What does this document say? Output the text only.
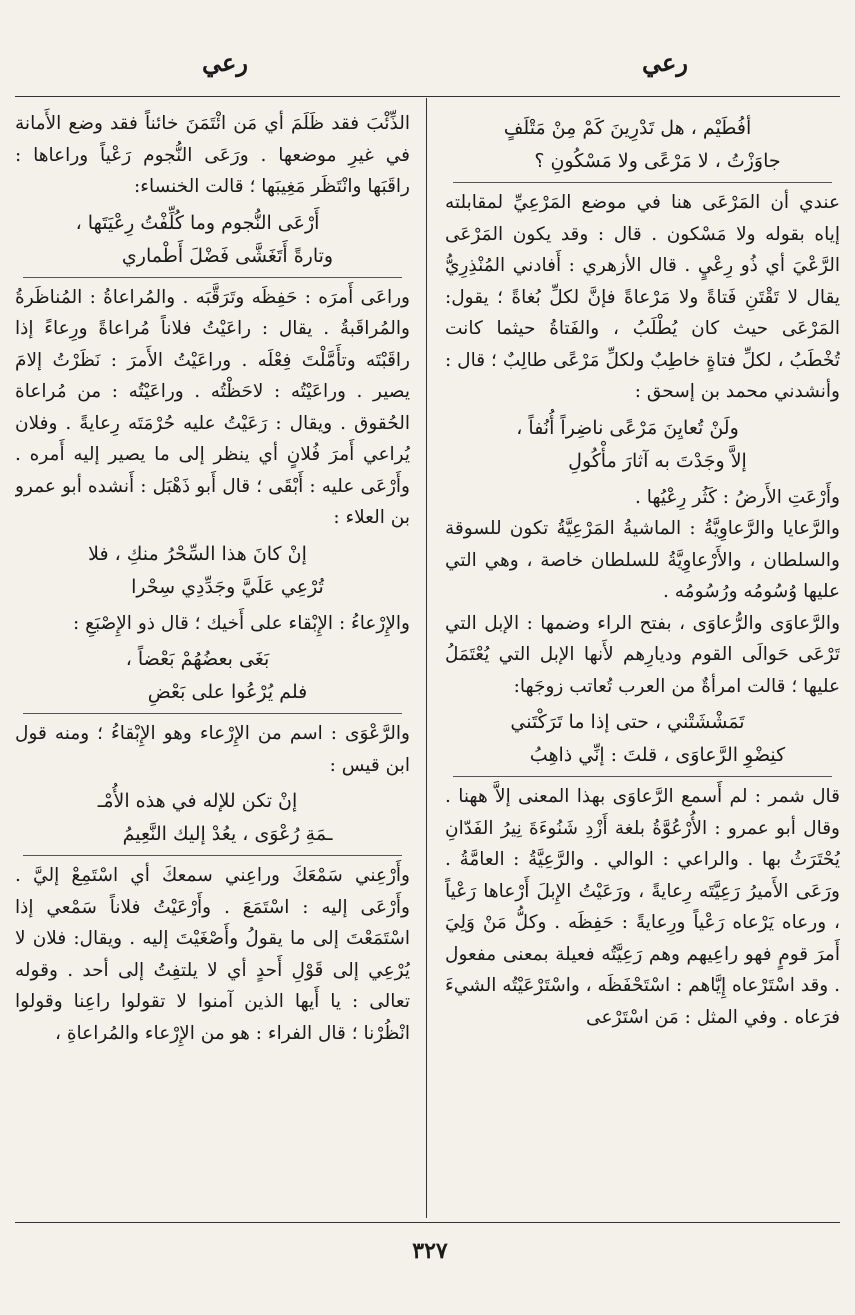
رعي
رعي
أفُطَيْم ، هل تَدْرِينَ كَمْ مِنْ مَتْلَفٍ
جاوَزْتُ ، لا مَرْعًى ولا مَسْكُونِ ؟

عندي أن المَرْعَى هنا في موضع المَرْعِيِّ لمقابلته إياه بقوله ولا مَسْكون . قال : وقد يكون المَرْعَى الرَّعْيَ أي ذُو رِعْيٍ . قال الأزهري : أَفادني المُنْذِرِيُّ يقال لا تَقْتَنِ فَتاةً ولا مَرْعاةً فإنَّ لكلِّ بُغاةً ؛ يقول: المَرْعَى حيث كان يُطْلَبُ ، والفَتاةُ حيثما كانت تُخْطَبُ ، لكلِّ فتاةٍ خاطِبٌ ولكلِّ مَرْعًى طالِبٌ ؛ قال : وأنشدني محمد بن إسحق :

ولَنْ تُعايِنَ مَرْعًى ناضِراً أُنُفاً ،
إلاَّ وجَدْتَ به آثارَ مأْكُولِ

وأَرْعَتِ الأَرضُ : كَثُر رِعْيُها .

والرَّعايا والرَّعاوِيَّةُ : الماشيةُ المَرْعِيَّةُ تكون للسوقة والسلطان ، والأَرْعاوِيَّةُ للسلطان خاصة ، وهي التي عليها وُسُومُه ورُسُومُه .

والرَّعاوَى والرُّعاوَى ، بفتح الراء وضمها : الإبل التي تَرْعَى حَوالَى القوم وديارِهم لأَنها الإبل التي يُعْتَمَلُ عليها ؛ قالت امرأةٌ من العرب تُعاتب زوجَها:

تَمَشْشَتْني ، حتى إذا ما تَرَكْتَني
كنِضْوِ الرَّعاوَى ، قلتَ : إنِّي ذاهِبُ

قال شمر : لم أَسمع الرَّعاوَى بهذا المعنى إلاَّ ههنا . وقال أبو عمرو : الأُرْعُوَّةُ بلغة أَزْدِ شَنُوءَةَ نِيرُ الفَدّانِ يُحْتَرَثُ بها . والراعي : الوالي . والرَّعِيَّةُ : العامَّةُ . ورَعَى الأَميرُ رَعِيَّتَه رِعايةً ، ورَعَيْتُ الإِبلَ أَرْعاها رَعْياً ، ورعاه يَرْعاه رَعْياً ورِعايةً : حَفِظَه . وكلُّ مَنْ وَلِيَ أَمرَ قومٍ فهو راعِيهم وهم رَعِيَّتُه فعيلة بمعنى مفعول . وقد اسْتَرْعاه إِيَّاهم : اسْتَحْفَظَه ، واسْتَرْعَيْتُه الشيءَ فرَعاه . وفي المثل : مَن اسْتَرْعى

الذِّئْبَ فقد ظَلَمَ أي مَن ائْتَمَنَ خائناً فقد وضع الأَمانة في غيرِ موضعها . ورَعَى النُّجوم رَعْياً وراعاها : راقَبَها وانْتَظَر مَغِيبَها ؛ قالت الخنساء:

أَرْعَى النُّجوم وما كُلِّفْتُ رِعْيَتَها ،
وتارةً أَتَغَشَّى فَضْلَ أَطْماري

وراعَى أَمرَه : حَفِظَه وتَرَقَّبَه . والمُراعاةُ : المُناظَرةُ والمُراقَبةُ . يقال : راعَيْتُ فلاناً مُراعاةً ورِعاءً إذا راقَبْتَه وتأَمَّلْتَ فِعْلَه . وراعَيْتُ الأَمرَ : نَظَرْتُ إلامَ يصير . وراعَيْتُه : لاحَظْتُه . وراعَيْتُه : من مُراعاة الحُقوق . ويقال : رَعَيْتُ عليه حُرْمَتَه رِعايةً . وفلان يُراعي أَمرَ فُلانٍ أي ينظر إلى ما يصير إليه أَمره . وأَرْعَى عليه : أَبْقَى ؛ قال أَبو ذَهْبَل : أَنشده أبو عمرو بن العلاء :

إنْ كانَ هذا السِّحْرُ منكِ ، فلا
تُرْعِي عَلَيَّ وجَدِّدِي سِحْرا

والإِرْعاءُ : الإِبْقاء على أَخيك ؛ قال ذو الإِصْبَعِ :

بَغَى بعضُهُمْ بَعْضاً ،
فلم يُرْعُوا على بَعْضِ

والرَّعْوَى : اسم من الإِرْعاء وهو الإِبْقاءُ ؛ ومنه قول ابن قيس :

إنْ تكن للإله في هذه الأُمْـ
ـمَةِ رُعْوَى ، يعُدْ إليك النَّعِيمُ

وأَرْعِني سَمْعَكَ وراعِني سمعكَ أي اسْتَمِعْ إليَّ . وأَرْعَى إليه : اسْتَمَعَ . وأَرْعَيْتُ فلاناً سَمْعي إذا اسْتَمَعْتَ إلى ما يقولُ وأَصْغَيْتَ إليه . ويقال: فلان لا يُرْعِي إلى قَوْلِ أَحدٍ أي لا يلتفِتُ إلى أحد . وقوله تعالى : يا أَيها الذين آمنوا لا تقولوا راعِنا وقولوا انْظُرْنا ؛ قال الفراء : هو من الإِرْعاء والمُراعاةِ ،

٣٢٧
